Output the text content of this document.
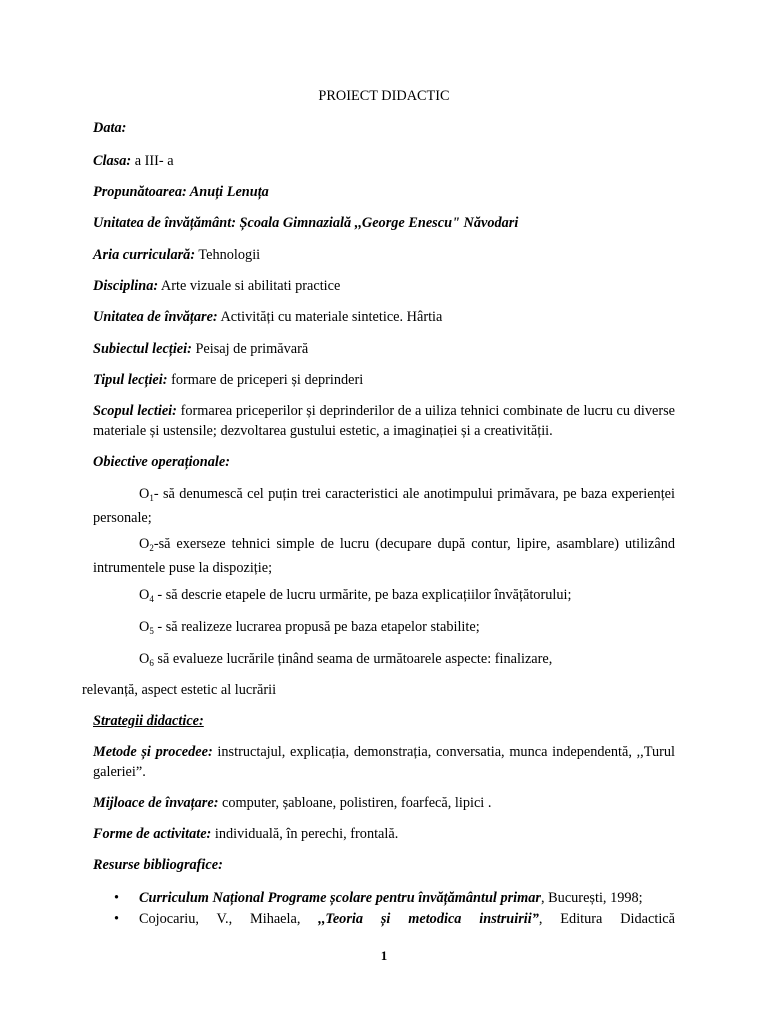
PROIECT DIDACTIC
Data:
Clasa: a III- a
Propunătoarea: Anuți Lenuța
Unitatea de învățământ: Școala Gimnazială ,,George Enescu" Năvodari
Aria curriculară: Tehnologii
Disciplina: Arte vizuale si abilitati practice
Unitatea de învățare: Activități cu materiale sintetice. Hârtia
Subiectul lecției: Peisaj de primăvară
Tipul lecției: formare de priceperi și deprinderi
Scopul lectiei: formarea priceperilor și deprinderilor de a uiliza tehnici combinate de lucru cu diverse materiale și ustensile; dezvoltarea gustului estetic, a imaginației și a creativității.
Obiective operaționale:
$O_1-$ să denumescă cel puțin trei caracteristici ale anotimpului primăvara, pe baza experienței personale;
$O_2-să$ exerseze tehnici simple de lucru (decupare după contur, lipire, asamblare) utilizând intrumentele puse la dispoziție;
$O_4$ - să descrie etapele de lucru urmărite, pe baza explicațiilor învățătorului;
$O_5$ - să realizeze lucrarea propusă pe baza etapelor stabilite;
$O_6$ să evalueze lucrările ținând seama de următoarele aspecte: finalizare,
relevanță, aspect estetic al lucrării
Strategii didactice:
Metode și procedee: instructajul, explicația, demonstrația, conversatia, munca independentă, ,,Turul galeriei”.
Mijloace de învațare: computer, șabloane, polistiren, foarfecă, lipici .
Forme de activitate: individuală, în perechi, frontală.
Resurse bibliografice:
• Curriculum Național Programe școlare pentru învățământul primar, București, 1998;
• Cojocariu, V., Mihaela, ,,Teoria și metodica instruirii”, Editura Didactică
1
